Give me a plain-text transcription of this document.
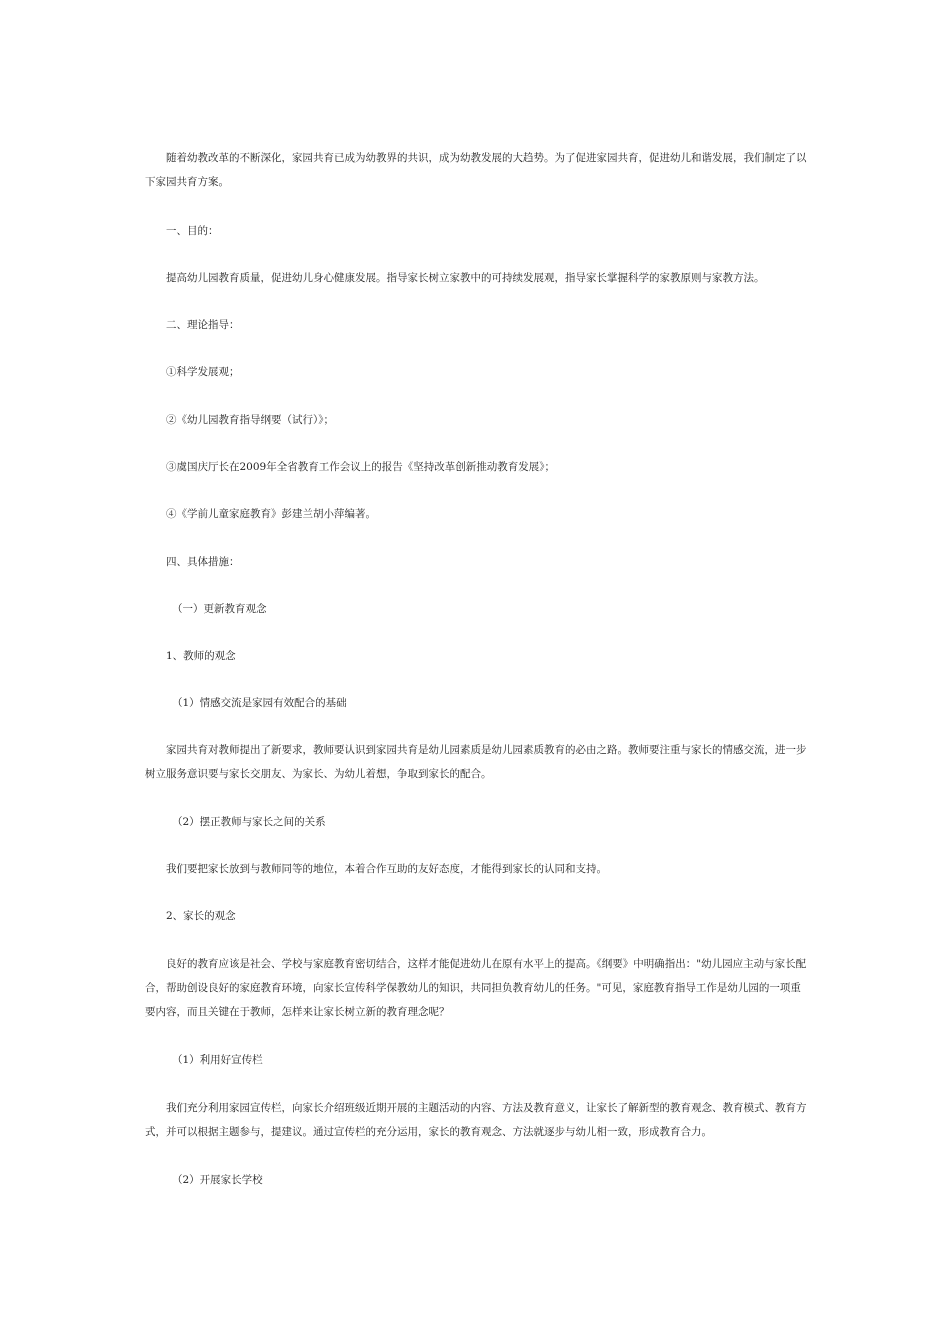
随着幼教改革的不断深化，家园共育已成为幼教界的共识，成为幼教发展的大趋势。为了促进家园共育，促进幼儿和谐发展，我们制定了以下家园共育方案。

一、目的：

提高幼儿园教育质量，促进幼儿身心健康发展。指导家长树立家教中的可持续发展观，指导家长掌握科学的家教原则与家教方法。

二、理论指导：

①科学发展观；

②《幼儿园教育指导纲要（试行）》；

③虞国庆厅长在2009年全省教育工作会议上的报告《坚持改革创新推动教育发展》；

④《学前儿童家庭教育》彭建兰胡小萍编著。

四、具体措施：

（一）更新教育观念

1、教师的观念

（1）情感交流是家园有效配合的基础

家园共育对教师提出了新要求，教师要认识到家园共育是幼儿园素质是幼儿园素质教育的必由之路。教师要注重与家长的情感交流，进一步树立服务意识要与家长交朋友、为家长、为幼儿着想，争取到家长的配合。

（2）摆正教师与家长之间的关系

我们要把家长放到与教师同等的地位，本着合作互助的友好态度，才能得到家长的认同和支持。

2、家长的观念

良好的教育应该是社会、学校与家庭教育密切结合，这样才能促进幼儿在原有水平上的提高。《纲要》中明确指出："幼儿园应主动与家长配合，帮助创设良好的家庭教育环境，向家长宣传科学保教幼儿的知识，共同担负教育幼儿的任务。"可见，家庭教育指导工作是幼儿园的一项重要内容，而且关键在于教师，怎样来让家长树立新的教育理念呢？

（1）利用好宣传栏

我们充分利用家园宣传栏，向家长介绍班级近期开展的主题活动的内容、方法及教育意义，让家长了解新型的教育观念、教育模式、教育方式，并可以根据主题参与，提建议。通过宣传栏的充分运用，家长的教育观念、方法就逐步与幼儿相一致，形成教育合力。

（2）开展家长学校
